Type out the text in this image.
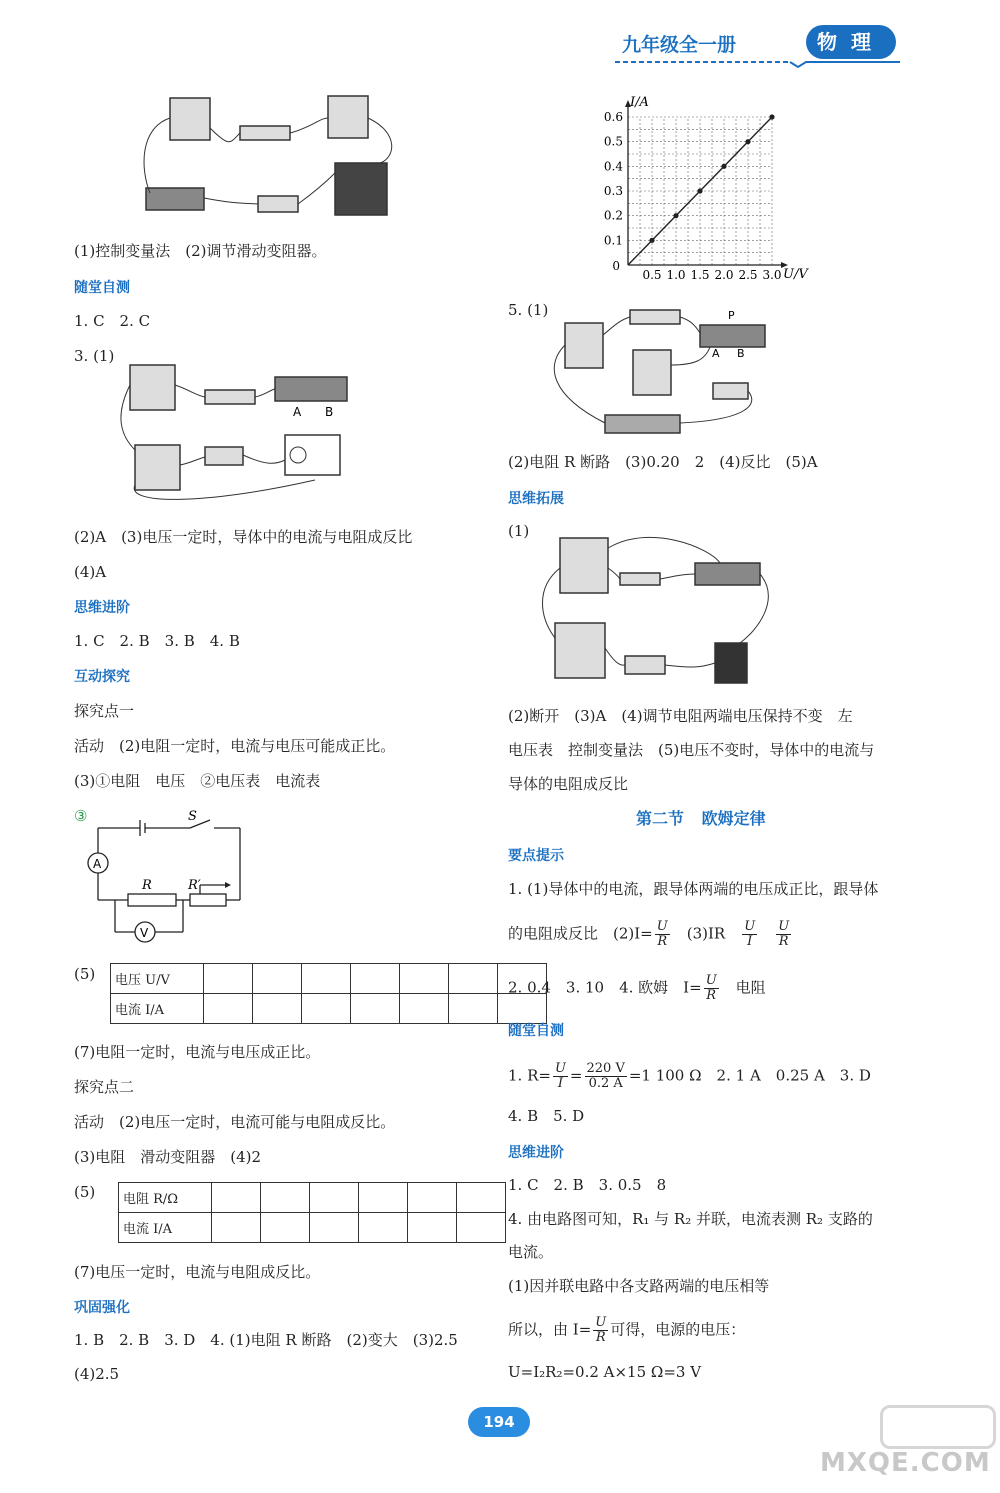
九年级全一册	物理
(1)控制变量法　(2)调节滑动变阻器。
随堂自测
1. C　2. C
3. (1)
A B
(2)A　(3)电压一定时，导体中的电流与电阻成反比
(4)A
思维进阶
1. C　2. B　3. B　4. B
互动探究
探究点一
活动　(2)电阻一定时，电流与电压可能成正比。
(3)①电阻　电压　②电压表　电流表
③	S
A
R	R′
V
(5) 电压 U/V							
电流 I/A							
(7)电阻一定时，电流与电压成正比。
探究点二
活动　(2)电压一定时，电流可能与电阻成反比。
(3)电阻　滑动变阻器　(4)2
(5) 电阻 R/Ω						
电流 I/A						
(7)电压一定时，电流与电阻成反比。
巩固强化
1. B　2. B　3. D　4. (1)电阻 R 断路　(2)变大　(3)2.5
(4)2.5
0.1
0.2
0.3
0.4
0.5
0.6
0.5 1.0 1.5 2.0 2.5 3.0
0
I/A
U/V
5. (1)	P
A B
(2)电阻 R 断路　(3)0.20　2　(4)反比　(5)A
思维拓展
(1)
(2)断开　(3)A　(4)调节电阻两端电压保持不变　左
电压表　控制变量法　(5)电压不变时，导体中的电流与
导体的电阻成反比
第二节 欧姆定律
要点提示
1. (1)导体中的电流，跟导体两端的电压成正比，跟导体
的电阻成反比　$(2)I= \frac{U}{R}$ 　(3)IR　 $\frac{U}{I}$
　 $\frac{U}{R}$
2. 0.4　3. 10　4. 欧姆　$I= \frac{U}{R}$
　 电阻
随堂自测
1. $R= \frac{U}{I} = \frac{220 V}{0.2 A} =1$ 100 Ω　2. 1 A　0.25 A　3. D
4. B　5. D
思维进阶
1. C　2. B　3. 0.5　8
4. 由电路图可知，R₁ 与 R₂ 并联，电流表测 R₂ 支路的
电流。
(1)因并联电路中各支路两端的电压相等
所以，由 $I= \frac{U}{R}$ 可得，电源的电压：
U=I₂R₂=0.2 A×15 Ω=3 V
194
MXQE.COM
